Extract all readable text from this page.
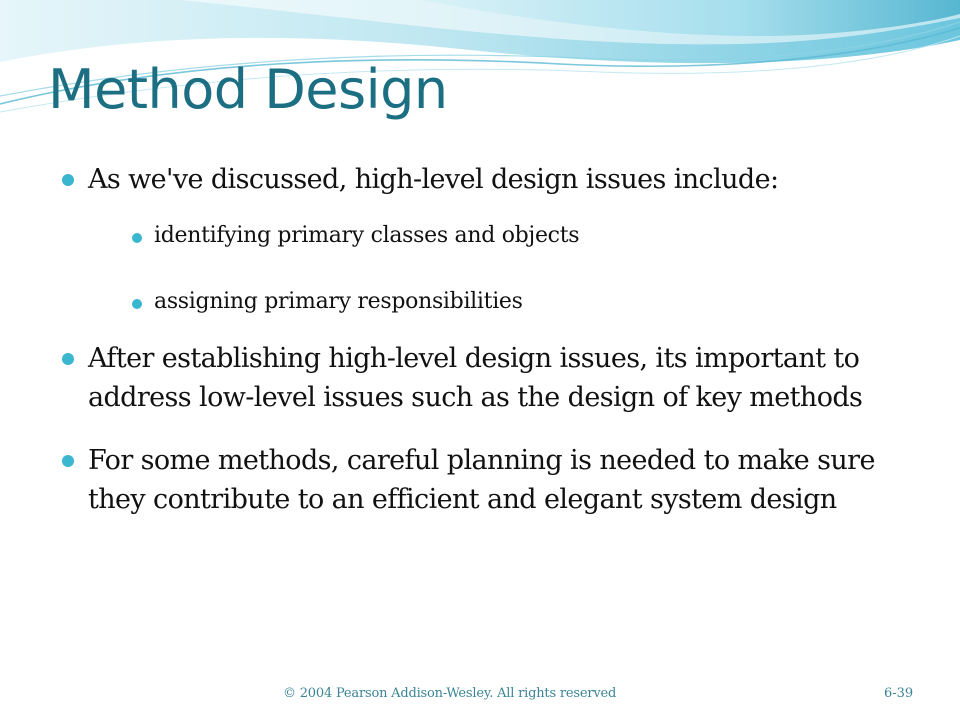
Method Design
As we've discussed, high-level design issues include:
identifying primary classes and objects
assigning primary responsibilities
After establishing high-level design issues, its important to address low-level issues such as the design of key methods
For some methods, careful planning is needed to make sure they contribute to an efficient and elegant system design
© 2004 Pearson Addison-Wesley. All rights reserved	6-39
